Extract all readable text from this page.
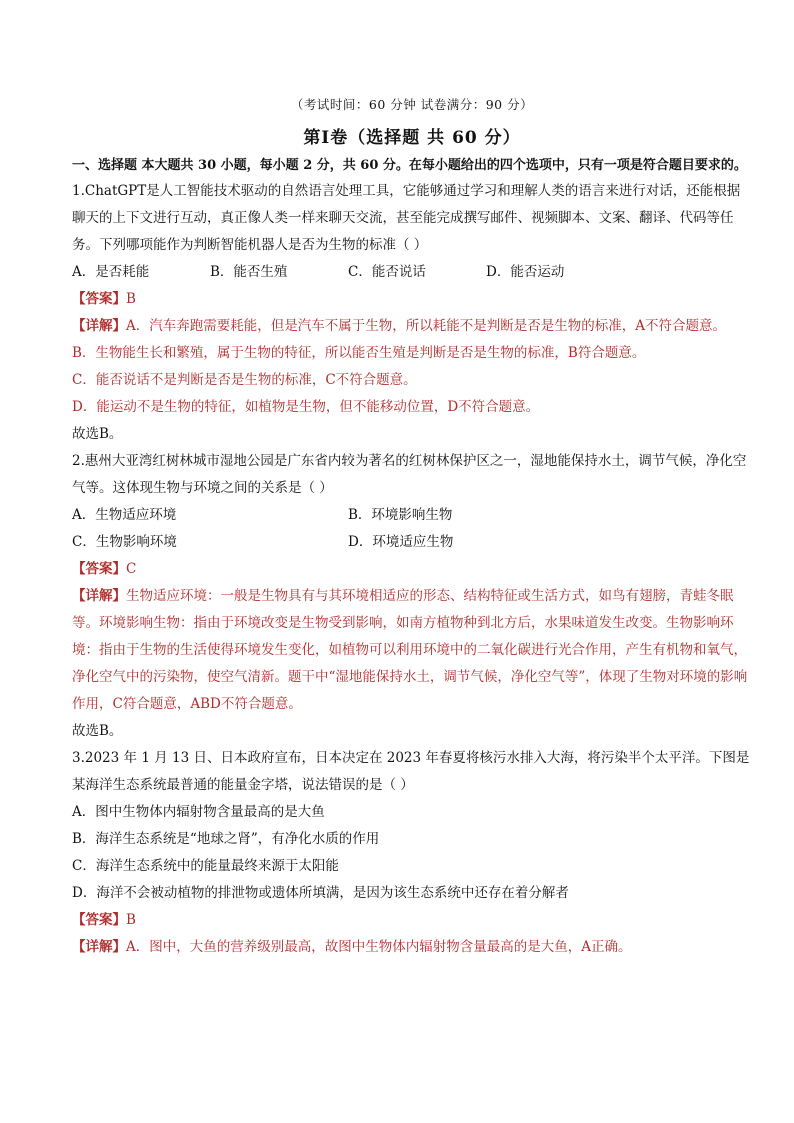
（考试时间：60 分钟 试卷满分：90 分）
第Ⅰ卷（选择题 共 60 分）
一、选择题 本大题共 30 小题，每小题 2 分，共 60 分。在每小题给出的四个选项中，只有一项是符合题目要求的。
1.ChatGPT是人工智能技术驱动的自然语言处理工具，它能够通过学习和理解人类的语言来进行对话，还能根据聊天的上下文进行互动，真正像人类一样来聊天交流，甚至能完成撰写邮件、视频脚本、文案、翻译、代码等任务。下列哪项能作为判断智能机器人是否为生物的标准（ ）
A．是否耗能	B．能否生殖	C．能否说话	D．能否运动
【答案】B
【详解】A．汽车奔跑需要耗能，但是汽车不属于生物，所以耗能不是判断是否是生物的标准，A不符合题意。
B．生物能生长和繁殖，属于生物的特征，所以能否生殖是判断是否是生物的标准，B符合题意。
C．能否说话不是判断是否是生物的标准，C不符合题意。
D．能运动不是生物的特征，如植物是生物，但不能移动位置，D不符合题意。
故选B。
2.惠州大亚湾红树林城市湿地公园是广东省内较为著名的红树林保护区之一，湿地能保持水土，调节气候，净化空气等。这体现生物与环境之间的关系是（ ）
A．生物适应环境	B．环境影响生物
C．生物影响环境	D．环境适应生物
【答案】C
【详解】生物适应环境：一般是生物具有与其环境相适应的形态、结构特征或生活方式，如鸟有翅膀，青蛙冬眠等。环境影响生物：指由于环境改变是生物受到影响，如南方植物种到北方后，水果味道发生改变。生物影响环境：指由于生物的生活使得环境发生变化，如植物可以利用环境中的二氧化碳进行光合作用，产生有机物和氧气，净化空气中的污染物，使空气清新。题干中“湿地能保持水土，调节气候，净化空气等”，体现了生物对环境的影响作用，C符合题意，ABD不符合题意。
故选B。
3.2023 年 1 月 13 日、日本政府宣布，日本决定在 2023 年春夏将核污水排入大海，将污染半个太平洋。下图是某海洋生态系统最普通的能量金字塔，说法错误的是（ ）
A．图中生物体内辐射物含量最高的是大鱼
B．海洋生态系统是“地球之肾”，有净化水质的作用
C．海洋生态系统中的能量最终来源于太阳能
D．海洋不会被动植物的排泄物或遗体所填满，是因为该生态系统中还存在着分解者
【答案】B
【详解】A．图中，大鱼的营养级别最高，故图中生物体内辐射物含量最高的是大鱼，A正确。
